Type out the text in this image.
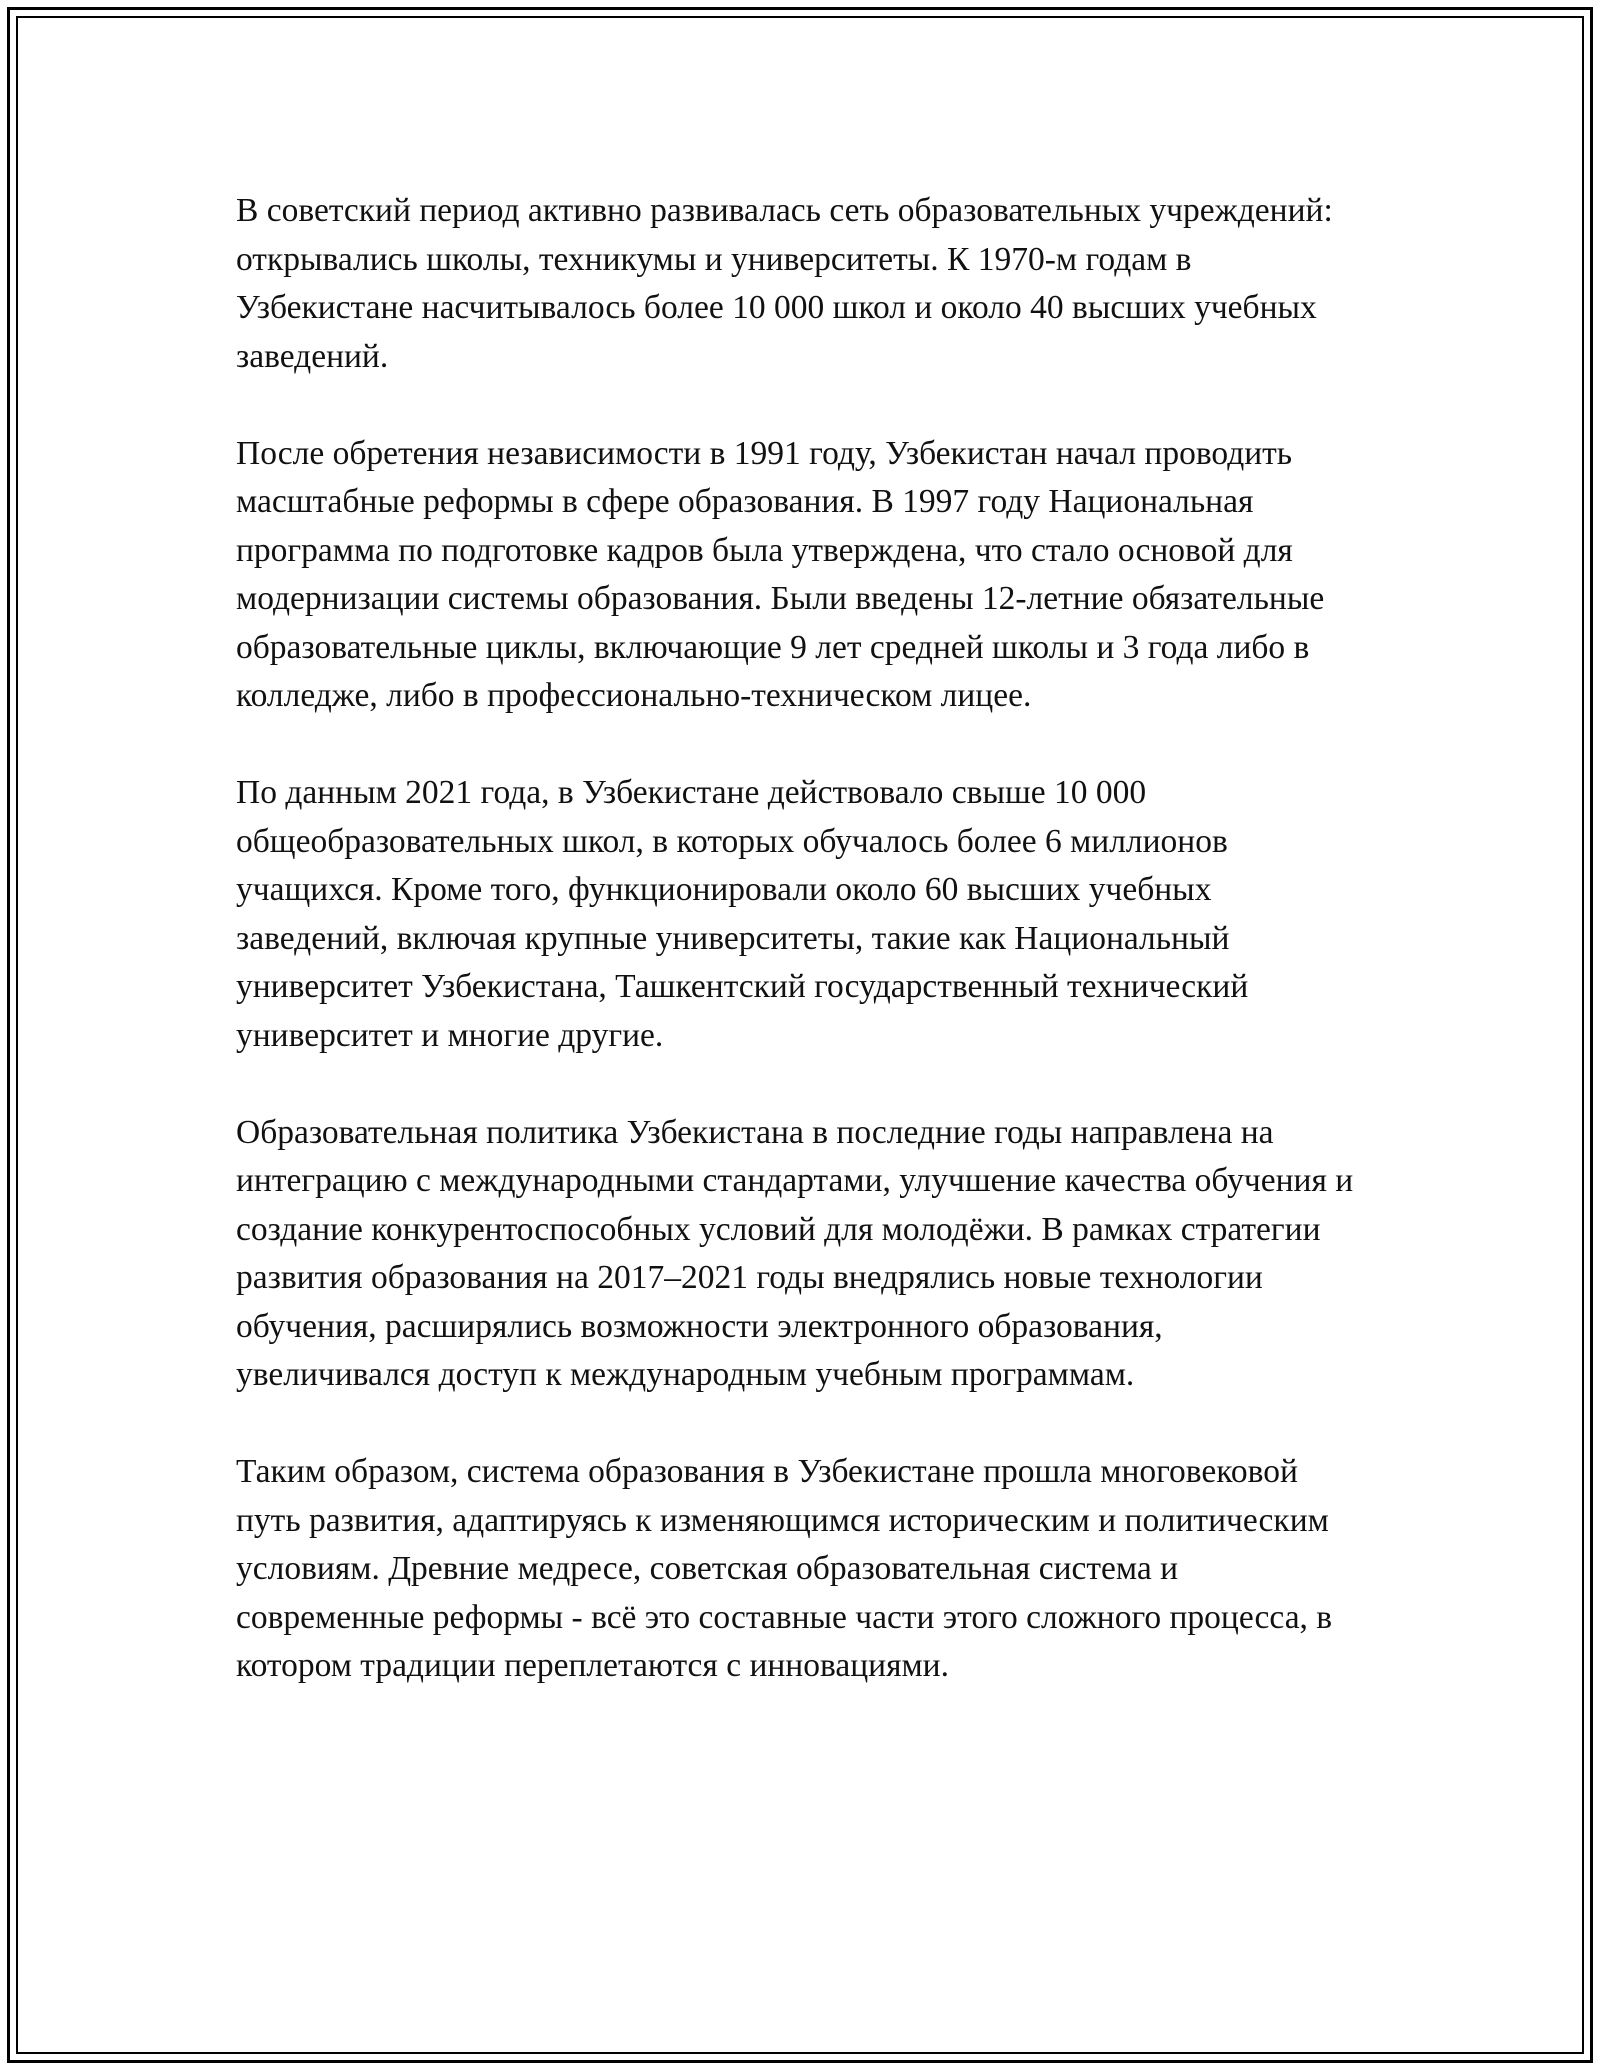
В советский период активно развивалась сеть образовательных учреждений: открывались школы, техникумы и университеты. К 1970-м годам в Узбекистане насчитывалось более 10 000 школ и около 40 высших учебных заведений.

После обретения независимости в 1991 году, Узбекистан начал проводить масштабные реформы в сфере образования. В 1997 году Национальная программа по подготовке кадров была утверждена, что стало основой для модернизации системы образования. Были введены 12-летние обязательные образовательные циклы, включающие 9 лет средней школы и 3 года либо в колледже, либо в профессионально-техническом лицее.

По данным 2021 года, в Узбекистане действовало свыше 10 000 общеобразовательных школ, в которых обучалось более 6 миллионов учащихся. Кроме того, функционировали около 60 высших учебных заведений, включая крупные университеты, такие как Национальный университет Узбекистана, Ташкентский государственный технический университет и многие другие.

Образовательная политика Узбекистана в последние годы направлена на интеграцию с международными стандартами, улучшение качества обучения и создание конкурентоспособных условий для молодёжи. В рамках стратегии развития образования на 2017–2021 годы внедрялись новые технологии обучения, расширялись возможности электронного образования, увеличивался доступ к международным учебным программам.

Таким образом, система образования в Узбекистане прошла многовековой путь развития, адаптируясь к изменяющимся историческим и политическим условиям. Древние медресе, советская образовательная система и современные реформы - всё это составные части этого сложного процесса, в котором традиции переплетаются с инновациями.
